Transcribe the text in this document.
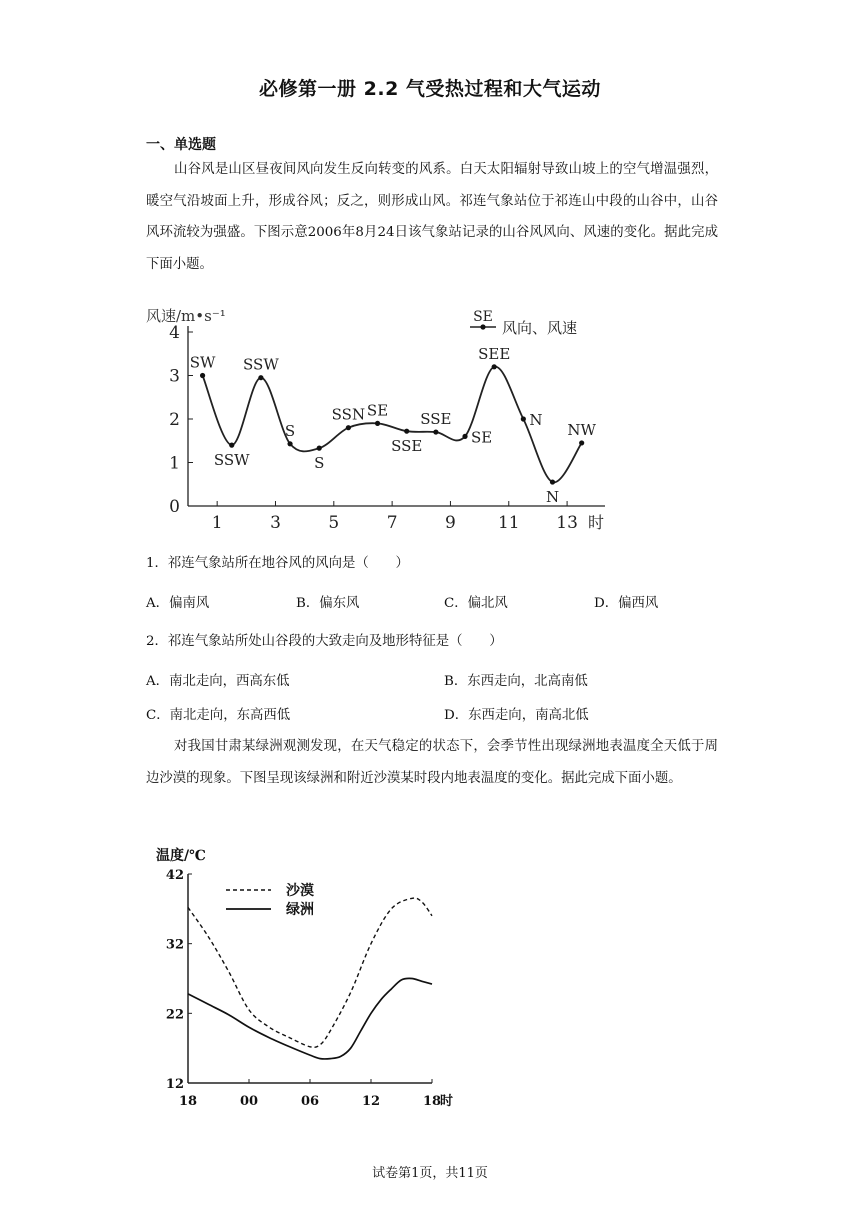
必修第一册 2.2 气受热过程和大气运动
一、单选题

山谷风是山区昼夜间风向发生反向转变的风系。白天太阳辐射导致山坡上的空气增温强烈，暖空气沿坡面上升，形成谷风；反之，则形成山风。祁连气象站位于祁连山中段的山谷中，山谷风环流较为强盛。下图示意2006年8月24日该气象站记录的山谷风风向、风速的变化。据此完成下面小题。

风速/m•s⁻¹
0
1
2
3
4
1	3	5	7	9 11 13 时
SW
SSW
SSW
S
S
SSN SE
SSE
SSE
SE
SEE
N
N
NW
SE
风向、风速
1．祁连气象站所在地谷风的风向是（　　）
A．偏南风	B．偏东风	C．偏北风	D．偏西风
2．祁连气象站所处山谷段的大致走向及地形特征是（　　）
A．南北走向，西高东低	B．东西走向，北高南低
C．南北走向，东高西低	D．东西走向，南高北低

对我国甘肃某绿洲观测发现，在天气稳定的状态下，会季节性出现绿洲地表温度全天低于周边沙漠的现象。下图呈现该绿洲和附近沙漠某时段内地表温度的变化。据此完成下面小题。

温度/℃
12
22
32
42
18	00	06	12	18
时
沙漠
绿洲
试卷第1页，共11页
